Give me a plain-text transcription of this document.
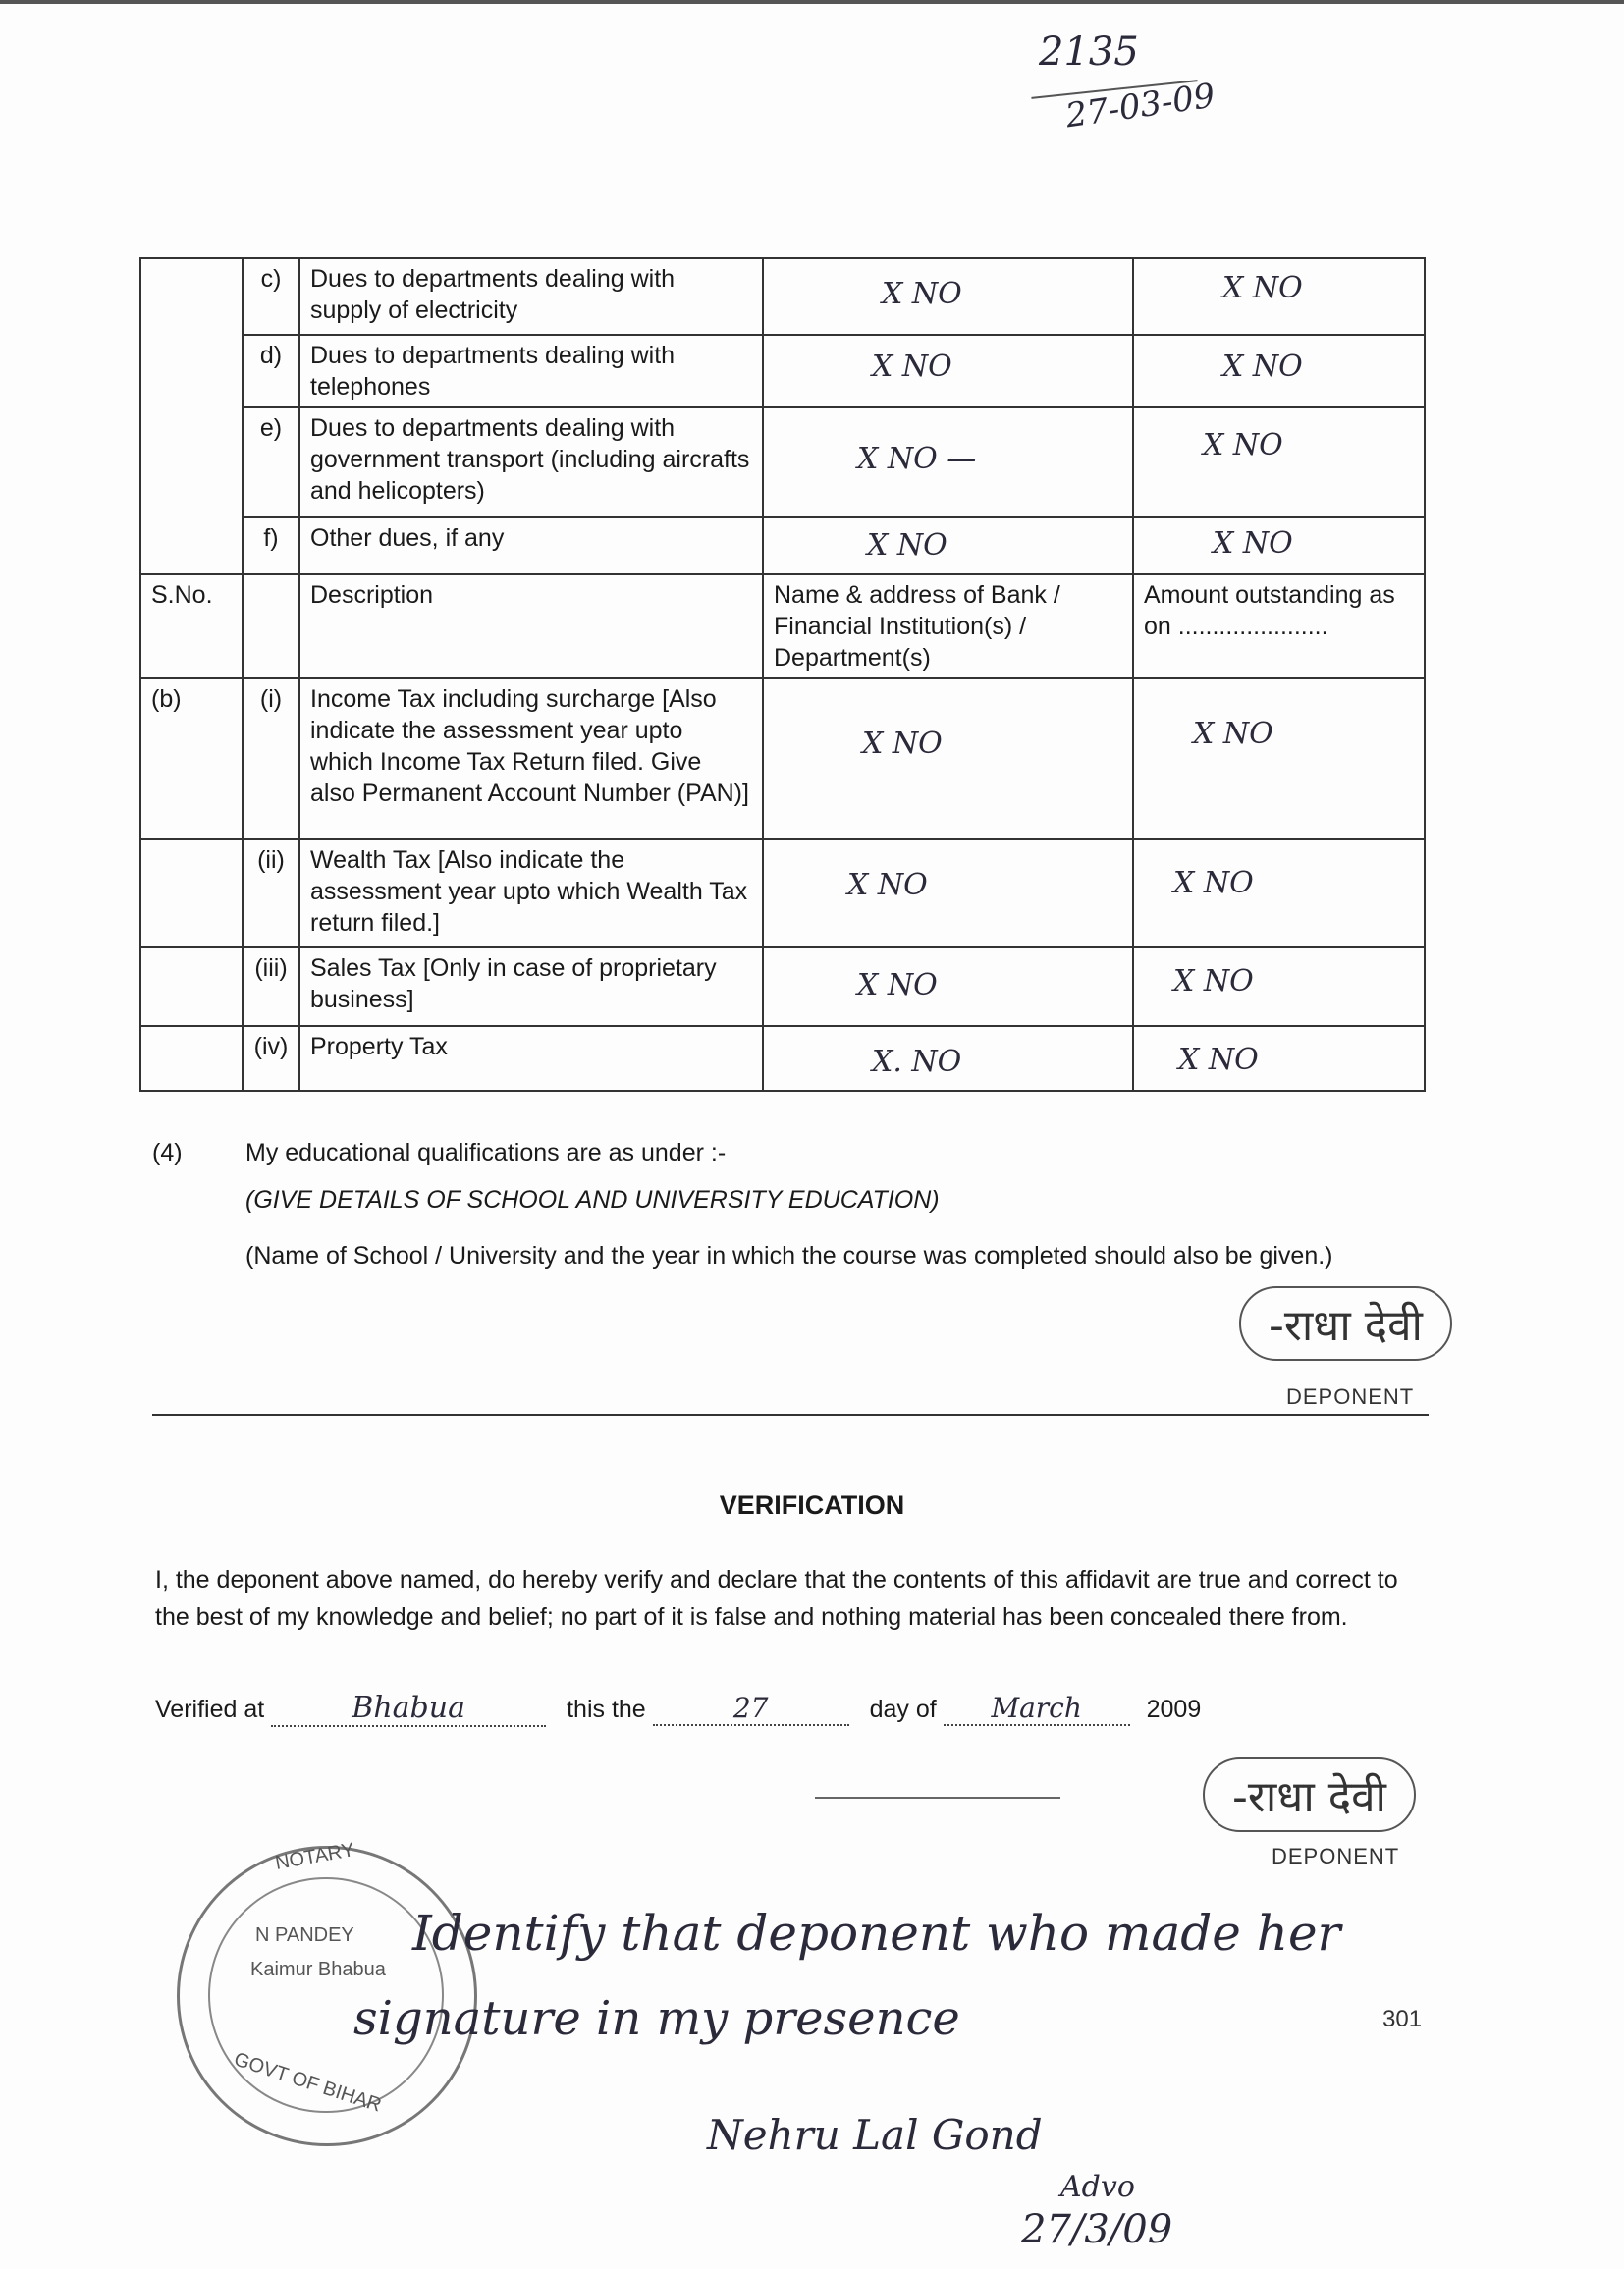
2135
27-03-09
	c)	Dues to departments dealing with supply of electricity	X NO	X NO

	d)	Dues to departments dealing with telephones	X NO	X NO

	e)	Dues to departments dealing with government transport (including aircrafts and helicopters)	X NO —	X NO

	f)	Other dues, if any	X NO	X NO

S.No.		Description	Name & address of Bank / Financial Institution(s) / Department(s)	Amount outstanding as on ......................
(b)	(i)	Income Tax including surcharge [Also indicate the assessment year upto which Income Tax Return filed. Give also Permanent Account Number (PAN)]	X NO	X NO

	(ii)	Wealth Tax [Also indicate the assessment year upto which Wealth Tax return filed.]	X NO	X NO

	(iii)	Sales Tax [Only in case of proprietary business]	X NO	X NO

	(iv)	Property Tax	X. NO	X NO
(4)	My educational qualifications are as under :-
(GIVE DETAILS OF SCHOOL AND UNIVERSITY EDUCATION)
(Name of School / University and the year in which the course was completed should also be given.)
-राधा देवी
DEPONENT
VERIFICATION
I, the deponent above named, do hereby verify and declare that the contents of this affidavit are true and correct to the best of my knowledge and belief; no part of it is false and nothing material has been concealed there from.
Verified at	Bhabua	this the	27	day of March	2009
-राधा देवी
DEPONENT
NOTARY
N PANDEY
Kaimur Bhabua
GOVT OF BIHAR
Identify that deponent who made her
signature in my presence
Nehru Lal Gond
Advo
27/3/09
301
